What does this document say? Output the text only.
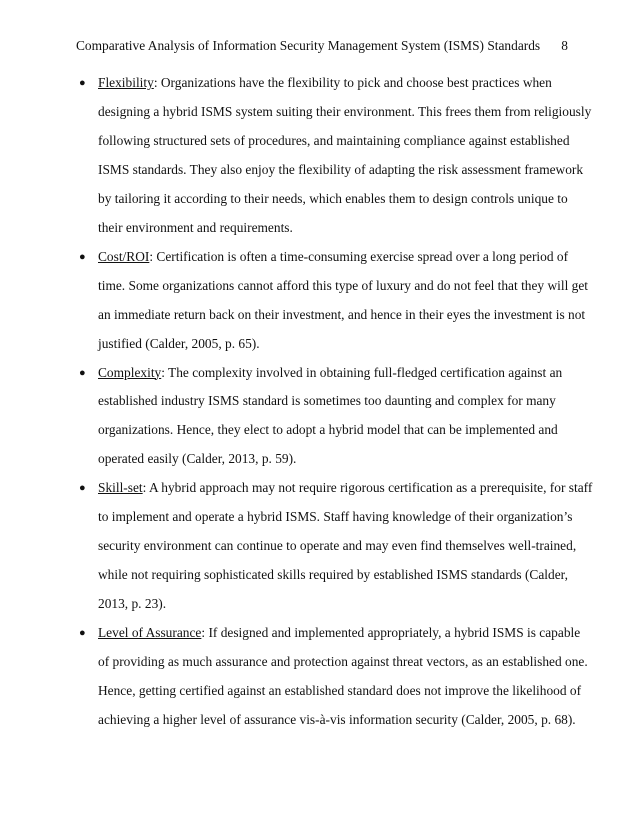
Comparative Analysis of Information Security Management System (ISMS) Standards 8
● Flexibility: Organizations have the flexibility to pick and choose best practices when
designing a hybrid ISMS system suiting their environment. This frees them from religiously
following structured sets of procedures, and maintaining compliance against established
ISMS standards. They also enjoy the flexibility of adapting the risk assessment framework
by tailoring it according to their needs, which enables them to design controls unique to
their environment and requirements.
● Cost/ROI: Certification is often a time-consuming exercise spread over a long period of
time. Some organizations cannot afford this type of luxury and do not feel that they will get
an immediate return back on their investment, and hence in their eyes the investment is not
justified (Calder, 2005, p. 65).
● Complexity: The complexity involved in obtaining full-fledged certification against an
established industry ISMS standard is sometimes too daunting and complex for many
organizations. Hence, they elect to adopt a hybrid model that can be implemented and
operated easily (Calder, 2013, p. 59).
● Skill-set: A hybrid approach may not require rigorous certification as a prerequisite, for staff
to implement and operate a hybrid ISMS. Staff having knowledge of their organization’s
security environment can continue to operate and may even find themselves well-trained,
while not requiring sophisticated skills required by established ISMS standards (Calder,
2013, p. 23).
● Level of Assurance: If designed and implemented appropriately, a hybrid ISMS is capable
of providing as much assurance and protection against threat vectors, as an established one.
Hence, getting certified against an established standard does not improve the likelihood of
achieving a higher level of assurance vis-à-vis information security (Calder, 2005, p. 68).
